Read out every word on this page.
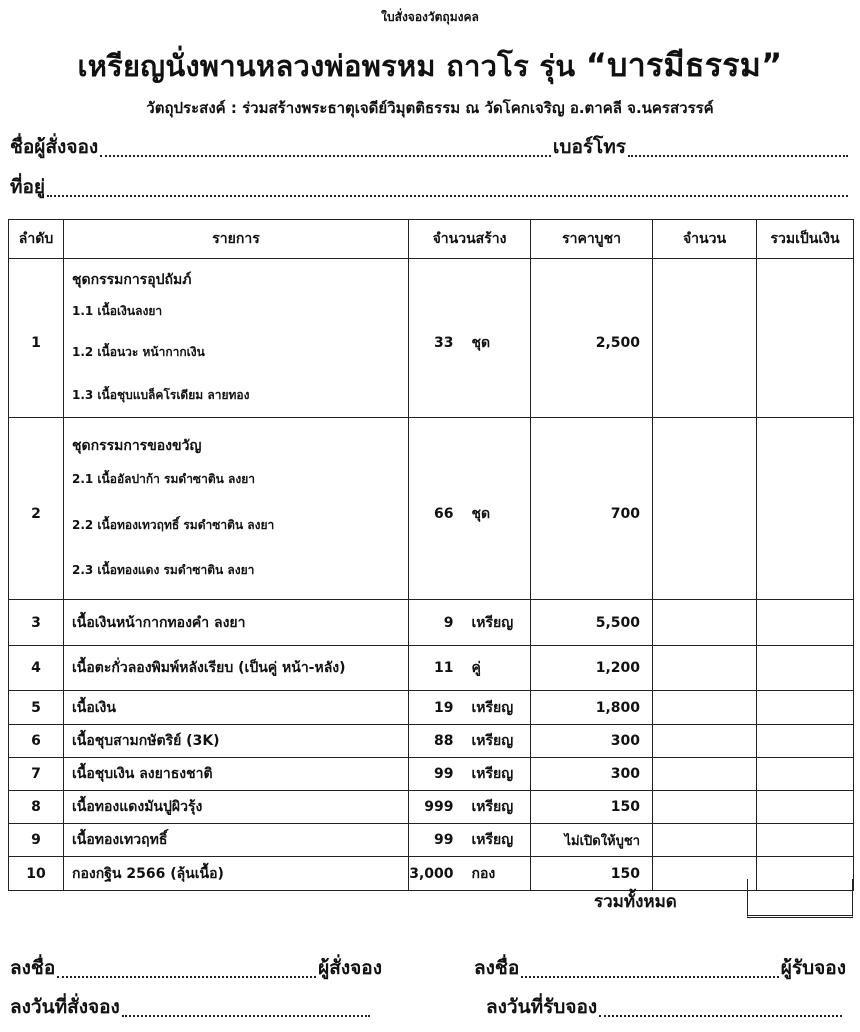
ใบสั่งจองวัตถุมงคล
เหรียญนั่งพานหลวงพ่อพรหม ถาวโร รุ่น “บารมีธรรม”
วัตถุประสงค์ : ร่วมสร้างพระธาตุเจดีย์วิมุตติธรรม ณ วัดโคกเจริญ อ.ตาคลี จ.นครสวรรค์
ชื่อผู้สั่งจอง	เบอร์โทร
ที่อยู่
ลำดับ	รายการ	จำนวนสร้าง		ราคาบูชา	จำนวน	รวมเป็นเงิน

1	ชุดกรรมการอุปถัมภ์
1.1 เนื้อเงินลงยา
1.2 เนื้อนวะ หน้ากากเงิน
1.3 เนื้อชุบแบล็คโรเดียม ลายทอง	33	ชุด	2,500		

2	ชุดกรรมการของขวัญ
2.1 เนื้ออัลปาก้า รมดำซาติน ลงยา
2.2 เนื้อทองเทวฤทธิ์ รมดำซาติน ลงยา
2.3 เนื้อทองแดง รมดำซาติน ลงยา	66	ชุด	700		

3	เนื้อเงินหน้ากากทองคำ ลงยา	9	เหรียญ	5,500		
4	เนื้อตะกั่วลองพิมพ์หลังเรียบ (เป็นคู่ หน้า-หลัง)	11	คู่	1,200		
5	เนื้อเงิน	19	เหรียญ	1,800		
6	เนื้อชุบสามกษัตริย์ (3K)	88	เหรียญ	300		
7	เนื้อชุบเงิน ลงยาธงชาติ	99	เหรียญ	300		
8	เนื้อทองแดงมันปูผิวรุ้ง	999	เหรียญ	150		
9	เนื้อทองเทวฤทธิ์	99	เหรียญ	ไม่เปิดให้บูชา		
10	กองกฐิน 2566 (ลุ้นเนื้อ)	3,000	กอง	150		
รวมทั้งหมด
ลงชื่อ	ผู้สั่งจอง	ลงชื่อ	ผู้รับจอง
ลงวันที่สั่งจอง	ลงวันที่รับจอง
